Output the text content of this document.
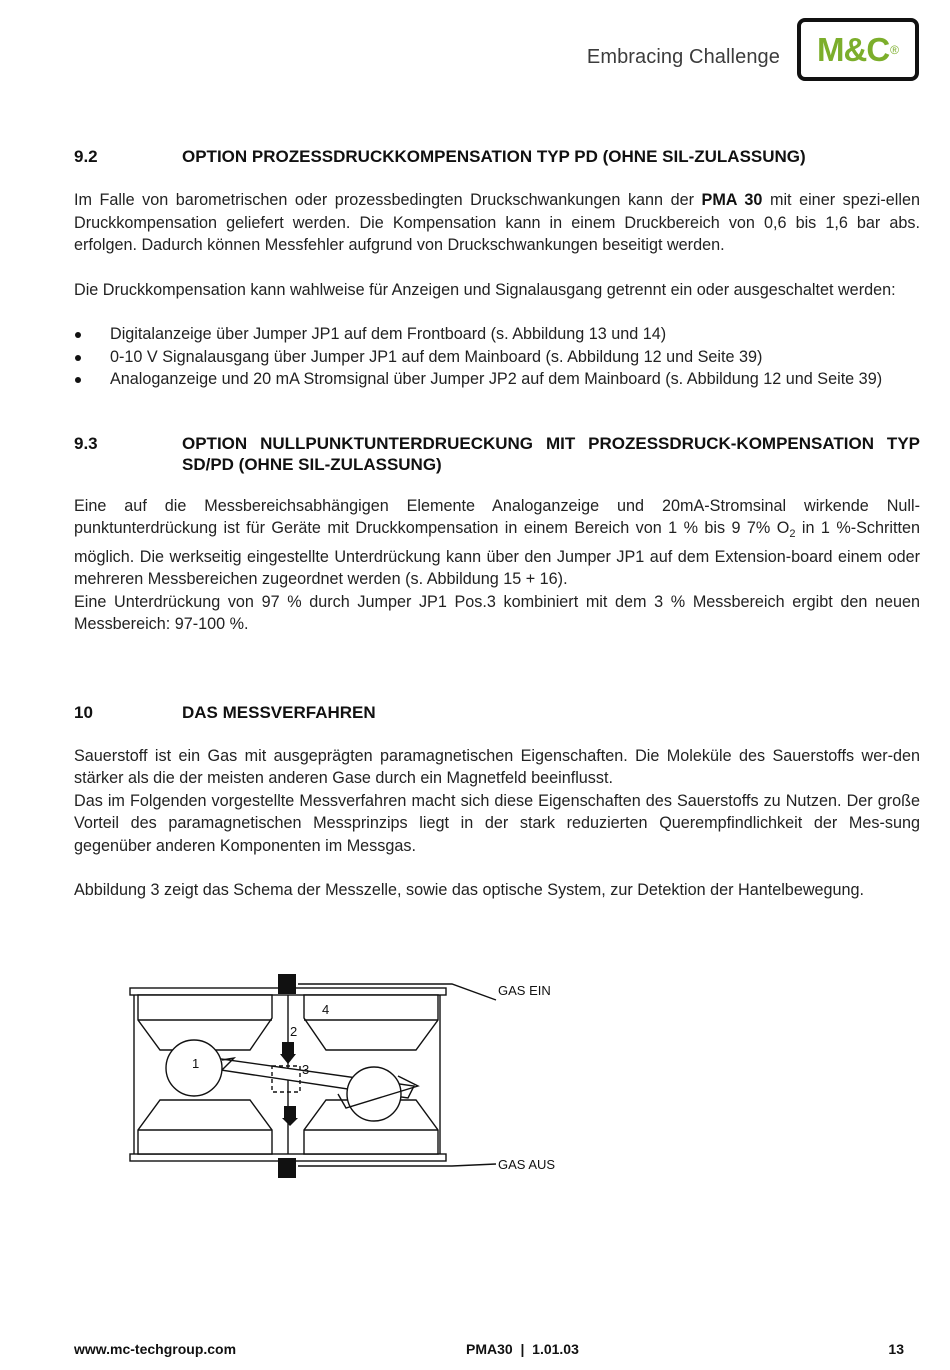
Embracing Challenge M&C ®
9.2	OPTION PROZESSDRUCKKOMPENSATION TYP PD (OHNE SIL-ZULASSUNG)

Im Falle von barometrischen oder prozessbedingten Druckschwankungen kann der PMA 30 mit einer spezi-ellen Druckkompensation geliefert werden. Die Kompensation kann in einem Druckbereich von 0,6 bis 1,6 bar abs. erfolgen. Dadurch können Messfehler aufgrund von Druckschwankungen beseitigt werden.

Die Druckkompensation kann wahlweise für Anzeigen und Signalausgang getrennt ein oder ausgeschaltet werden:

Digitalanzeige über Jumper JP1 auf dem Frontboard (s. Abbildung 13 und 14)
0-10 V Signalausgang über Jumper JP1 auf dem Mainboard (s. Abbildung 12 und Seite 39)
Analoganzeige und 20 mA Stromsignal über Jumper JP2 auf dem Mainboard (s. Abbildung 12 und Seite 39)
9.3	OPTION NULLPUNKTUNTERDRUECKUNG MIT PROZESSDRUCK-KOMPENSATION TYP SD/PD (OHNE SIL-ZULASSUNG)

Eine auf die Messbereichsabhängigen Elemente Analoganzeige und 20mA-Stromsinal wirkende Null-punktunterdrückung ist für Geräte mit Druckkompensation in einem Bereich von 1 % bis 9 7% $O_2$ in 1 %-Schritten möglich. Die werkseitig eingestellte Unterdrückung kann über den Jumper JP1 auf dem Extension-board einem oder mehreren Messbereichen zugeordnet werden (s. Abbildung 15 + 16).

Eine Unterdrückung von 97 % durch Jumper JP1 Pos.3 kombiniert mit dem 3 % Messbereich ergibt den neuen Messbereich: 97-100 %.

10	DAS MESSVERFAHREN

Sauerstoff ist ein Gas mit ausgeprägten paramagnetischen Eigenschaften. Die Moleküle des Sauerstoffs wer-den stärker als die der meisten anderen Gase durch ein Magnetfeld beeinflusst.

Das im Folgenden vorgestellte Messverfahren macht sich diese Eigenschaften des Sauerstoffs zu Nutzen. Der große Vorteil des paramagnetischen Messprinzips liegt in der stark reduzierten Querempfindlichkeit der Mes-sung gegenüber anderen Komponenten im Messgas.

Abbildung 3 zeigt das Schema der Messzelle, sowie das optische System, zur Detektion der Hantelbewegung.

4
2
1	3
GAS EIN
GAS AUS
www.mc-techgroup.com	PMA30  |  1.01.03	13
